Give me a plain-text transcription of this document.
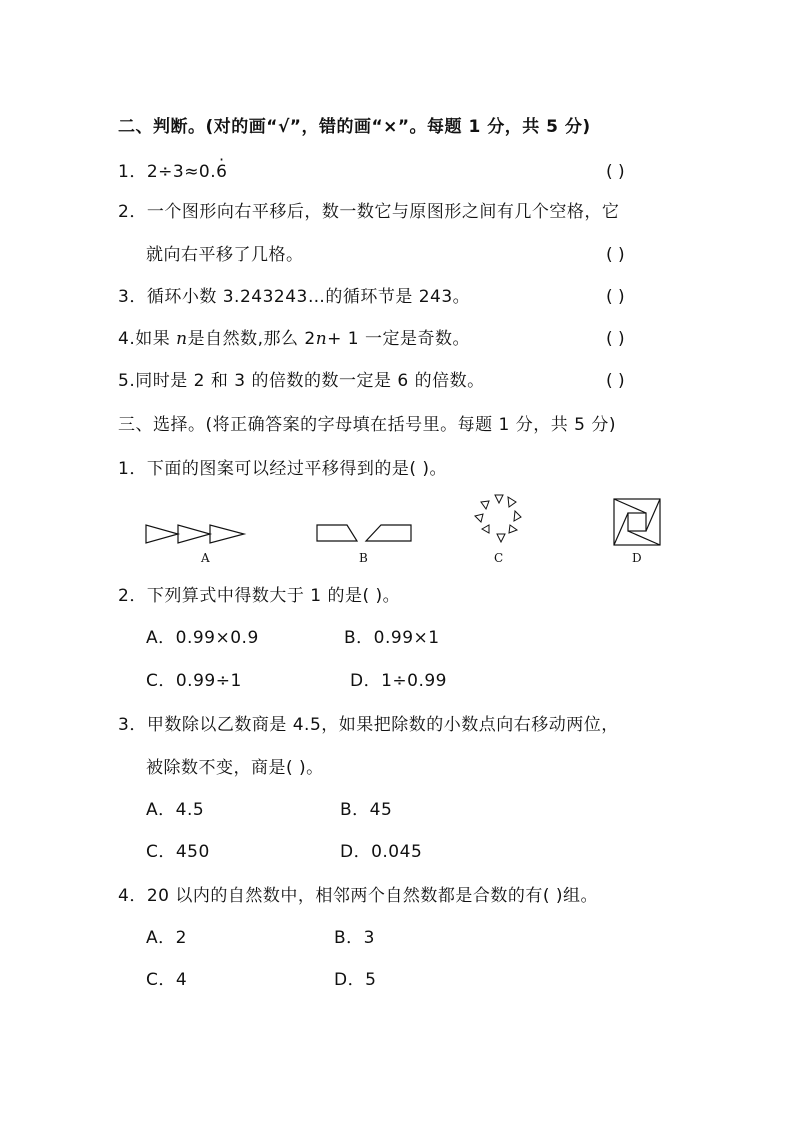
二、判断。(对的画“√”，错的画“×”。每题 1 分，共 5 分)
1．2÷3≈0.· 6	( )
2．一个图形向右平移后，数一数它与原图形之间有几个空格，它
就向右平移了几格。	( )
3．循环小数 3.243243…的循环节是 243。	( )
4.如果 n是自然数,那么 2n+ 1 一定是奇数。	( )
5.同时是 2 和 3 的倍数的数一定是 6 的倍数。	( )
三、选择。(将正确答案的字母填在括号里。每题 1 分，共 5 分)
1．下面的图案可以经过平移得到的是( )。
A	B	C	D
2．下列算式中得数大于 1 的是( )。
A．0.99×0.9	B．0.99×1
C．0.99÷1	D．1÷0.99
3．甲数除以乙数商是 4.5，如果把除数的小数点向右移动两位，
被除数不变，商是( )。
A．4.5	B．45
C．450	D．0.045
4．20 以内的自然数中，相邻两个自然数都是合数的有( )组。
A．2	B．3
C．4	D．5
